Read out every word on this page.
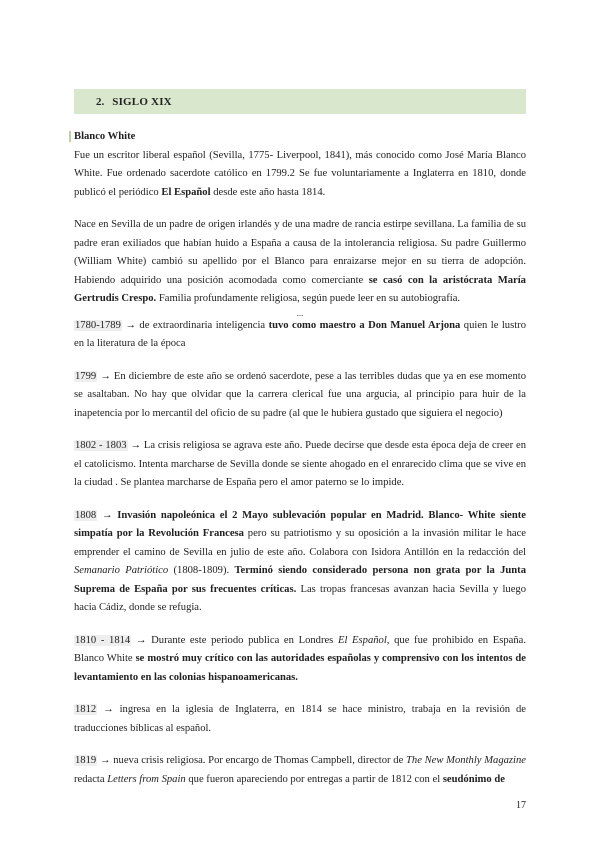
2. SIGLO XIX

Blanco White

Fue un escritor liberal español (Sevilla, 1775- Liverpool, 1841), más conocido como José María Blanco White. Fue ordenado sacerdote católico en 1799.2 Se fue voluntariamente a Inglaterra en 1810, donde publicó el periódico El Español desde este año hasta 1814.

Nace en Sevilla de un padre de origen irlandés y de una madre de rancia estirpe sevillana. La familia de su padre eran exiliados que habían huido a España a causa de la intolerancia religiosa. Su padre Guillermo (William White) cambió su apellido por el Blanco para enraizarse mejor en su tierra de adopción. Habiendo adquirido una posición acomodada como comerciante se casó con la aristócrata María Gertrudis Crespo. Familia profundamente religiosa, según puede leer en su autobiografía.

...

1780-1789 → de extraordinaria inteligencia tuvo como maestro a Don Manuel Arjona quien le lustro en la literatura de la época

1799 → En diciembre de este año se ordenó sacerdote, pese a las terribles dudas que ya en ese momento se asaltaban. No hay que olvidar que la carrera clerical fue una argucia, al principio para huir de la inapetencia por lo mercantil del oficio de su padre (al que le hubiera gustado que siguiera el negocio)

1802 - 1803 → La crisis religiosa se agrava este año. Puede decirse que desde esta época deja de creer en el catolicismo. Intenta marcharse de Sevilla donde se siente ahogado en el enrarecido clima que se vive en la ciudad . Se plantea marcharse de España pero el amor paterno se lo impide.

1808 → Invasión napoleónica el 2 Mayo sublevación popular en Madrid. Blanco- White siente simpatía por la Revolución Francesa pero su patriotismo y su oposición a la invasión militar le hace emprender el camino de Sevilla en julio de este año. Colabora con Isidora Antillón en la redacción del Semanario Patriótico (1808-1809). Terminó siendo considerado persona non grata por la Junta Suprema de España por sus frecuentes críticas. Las tropas francesas avanzan hacia Sevilla y luego hacia Cádiz, donde se refugia.

1810 - 1814 → Durante este periodo publica en Londres El Español, que fue prohibido en España. Blanco White se mostró muy crítico con las autoridades españolas y comprensivo con los intentos de levantamiento en las colonias hispanoamericanas.

1812 → ingresa en la iglesia de Inglaterra, en 1814 se hace ministro, trabaja en la revisión de traducciones bíblicas al español.

1819 → nueva crisis religiosa. Por encargo de Thomas Campbell, director de The New Monthly Magazine redacta Letters from Spain que fueron apareciendo por entregas a partir de 1812 con el seudónimo de

17
